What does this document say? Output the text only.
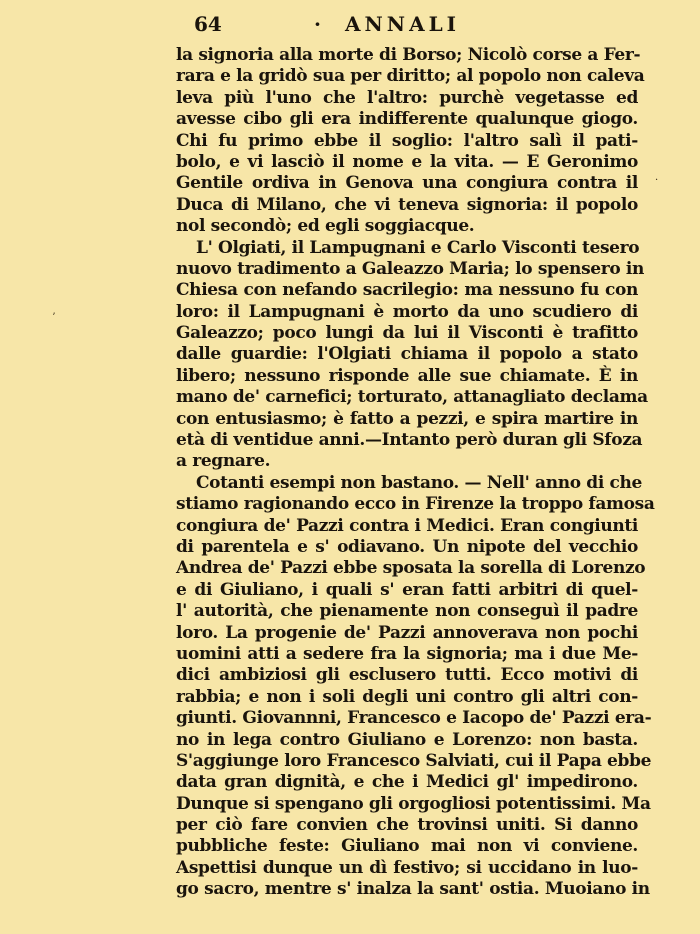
64	· ANNALI
la signoria alla morte di Borso; Nicolò corse a Fer-
rara e la gridò sua per diritto; al popolo non caleva
leva più l'uno che l'altro: purchè vegetasse ed
avesse cibo gli era indifferente qualunque giogo.
Chi fu primo ebbe il soglio: l'altro salì il pati-
bolo, e vi lasciò il nome e la vita. — E Geronimo
Gentile ordiva in Genova una congiura contra il
Duca di Milano, che vi teneva signoria: il popolo
nol secondò; ed egli soggiacque.
L' Olgiati, il Lampugnani e Carlo Visconti tesero
nuovo tradimento a Galeazzo Maria; lo spensero in
Chiesa con nefando sacrilegio: ma nessuno fu con
loro: il Lampugnani è morto da uno scudiero di
Galeazzo; poco lungi da lui il Visconti è trafitto
dalle guardie: l'Olgiati chiama il popolo a stato
libero; nessuno risponde alle sue chiamate. È in
mano de' carnefici; torturato, attanagliato declama
con entusiasmo; è fatto a pezzi, e spira martire in
età di ventidue anni.—Intanto però duran gli Sfoza
a regnare.
Cotanti esempi non bastano. — Nell' anno di che
stiamo ragionando ecco in Firenze la troppo famosa
congiura de' Pazzi contra i Medici. Eran congiunti
di parentela e s' odiavano. Un nipote del vecchio
Andrea de' Pazzi ebbe sposata la sorella di Lorenzo
e di Giuliano, i quali s' eran fatti arbitri di quel-
l' autorità, che pienamente non conseguì il padre
loro. La progenie de' Pazzi annoverava non pochi
uomini atti a sedere fra la signoria; ma i due Me-
dici ambiziosi gli esclusero tutti. Ecco motivi di
rabbia; e non i soli degli uni contro gli altri con-
giunti. Giovannni, Francesco e Iacopo de' Pazzi era-
no in lega contro Giuliano e Lorenzo: non basta.
S'aggiunge loro Francesco Salviati, cui il Papa ebbe
data gran dignità, e che i Medici gl' impedirono.
Dunque si spengano gli orgogliosi potentissimi. Ma
per ciò fare convien che trovinsi uniti. Si danno
pubbliche feste: Giuliano mai non vi conviene.
Aspettisi dunque un dì festivo; si uccidano in luo-
go sacro, mentre s' inalza la sant' ostia. Muoiano in
·
ʼ
